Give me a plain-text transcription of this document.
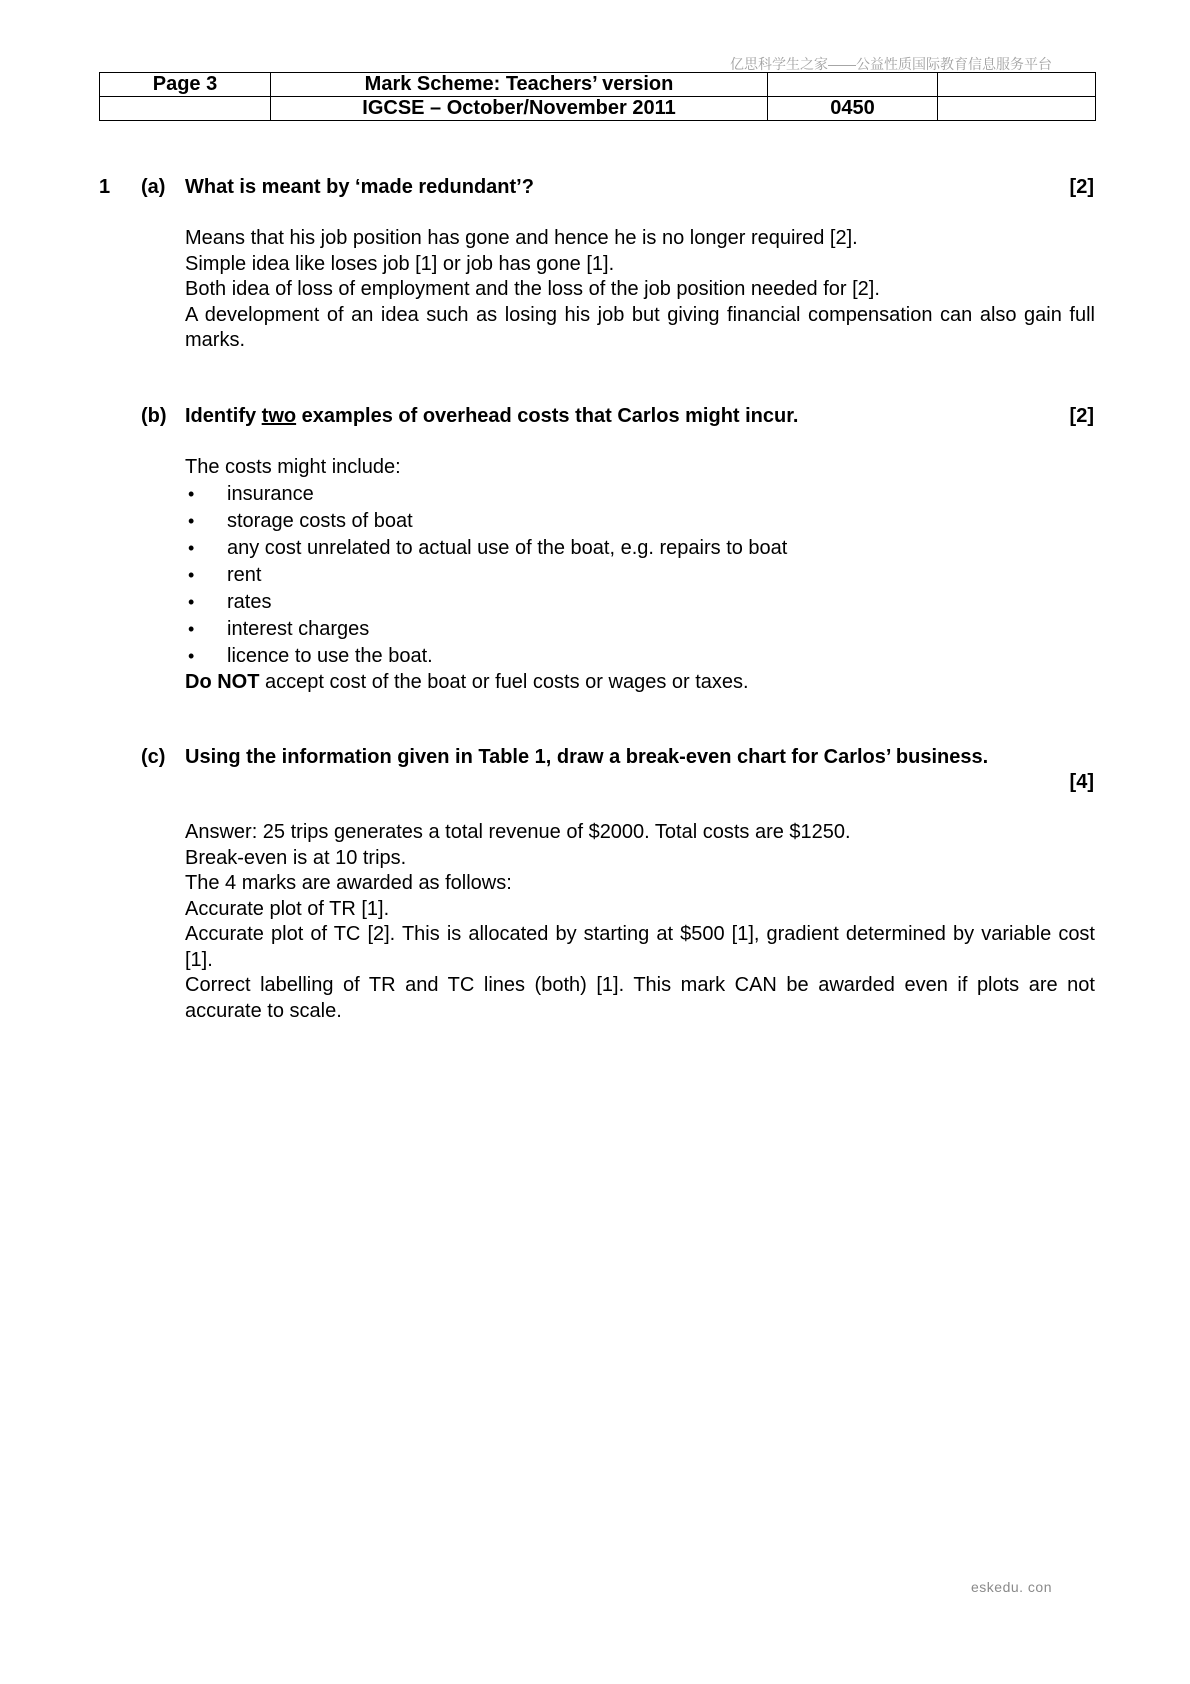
亿思科学生之家——公益性质国际教育信息服务平台
Page 3	Mark Scheme: Teachers’ version		
	IGCSE – October/November 2011	0450	
1 (a) What is meant by ‘made redundant’?	[2]
Means that his job position has gone and hence he is no longer required [2].
Simple idea like loses job [1] or job has gone [1].
Both idea of loss of employment and the loss of the job position needed for [2].
A development of an idea such as losing his job but giving financial compensation can also gain full marks.
(b) Identify two examples of overhead costs that Carlos might incur.	[2]
The costs might include:
• insurance
• storage costs of boat
• any cost unrelated to actual use of the boat, e.g. repairs to boat
• rent
• rates
• interest charges
• licence to use the boat.
Do NOT accept cost of the boat or fuel costs or wages or taxes.
(c) Using the information given in Table 1, draw a break-even chart for Carlos’ business.
[4]
Answer: 25 trips generates a total revenue of $2000. Total costs are $1250.
Break-even is at 10 trips.
The 4 marks are awarded as follows:
Accurate plot of TR [1].
Accurate plot of TC [2]. This is allocated by starting at $500 [1], gradient determined by variable cost [1].
Correct labelling of TR and TC lines (both) [1]. This mark CAN be awarded even if plots are not accurate to scale.
eskedu. con
